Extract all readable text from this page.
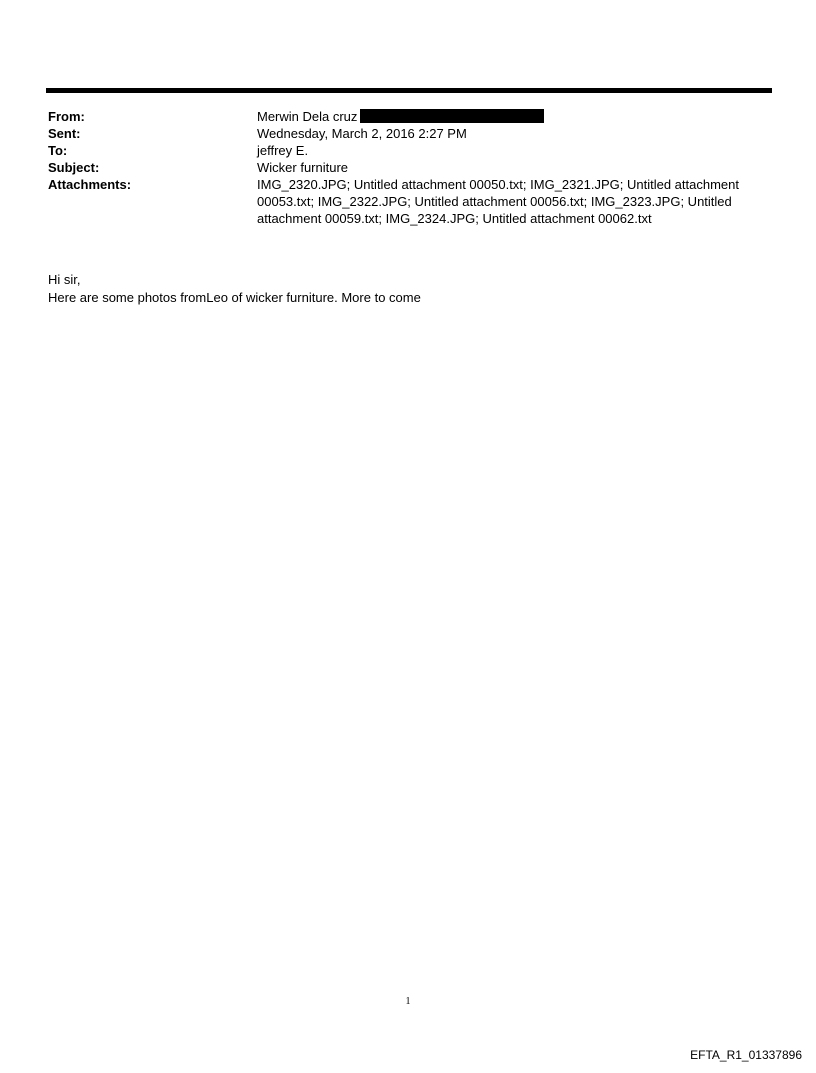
From:	Merwin Dela cruz
Sent:	Wednesday, March 2, 2016 2:27 PM
To:	jeffrey E.
Subject:	Wicker furniture
Attachments:	IMG_2320.JPG; Untitled attachment 00050.txt; IMG_2321.JPG; Untitled attachment 00053.txt; IMG_2322.JPG; Untitled attachment 00056.txt; IMG_2323.JPG; Untitled attachment 00059.txt; IMG_2324.JPG; Untitled attachment 00062.txt
Hi sir,
Here are some photos fromLeo of wicker furniture. More to come
1
EFTA_R1_01337896
